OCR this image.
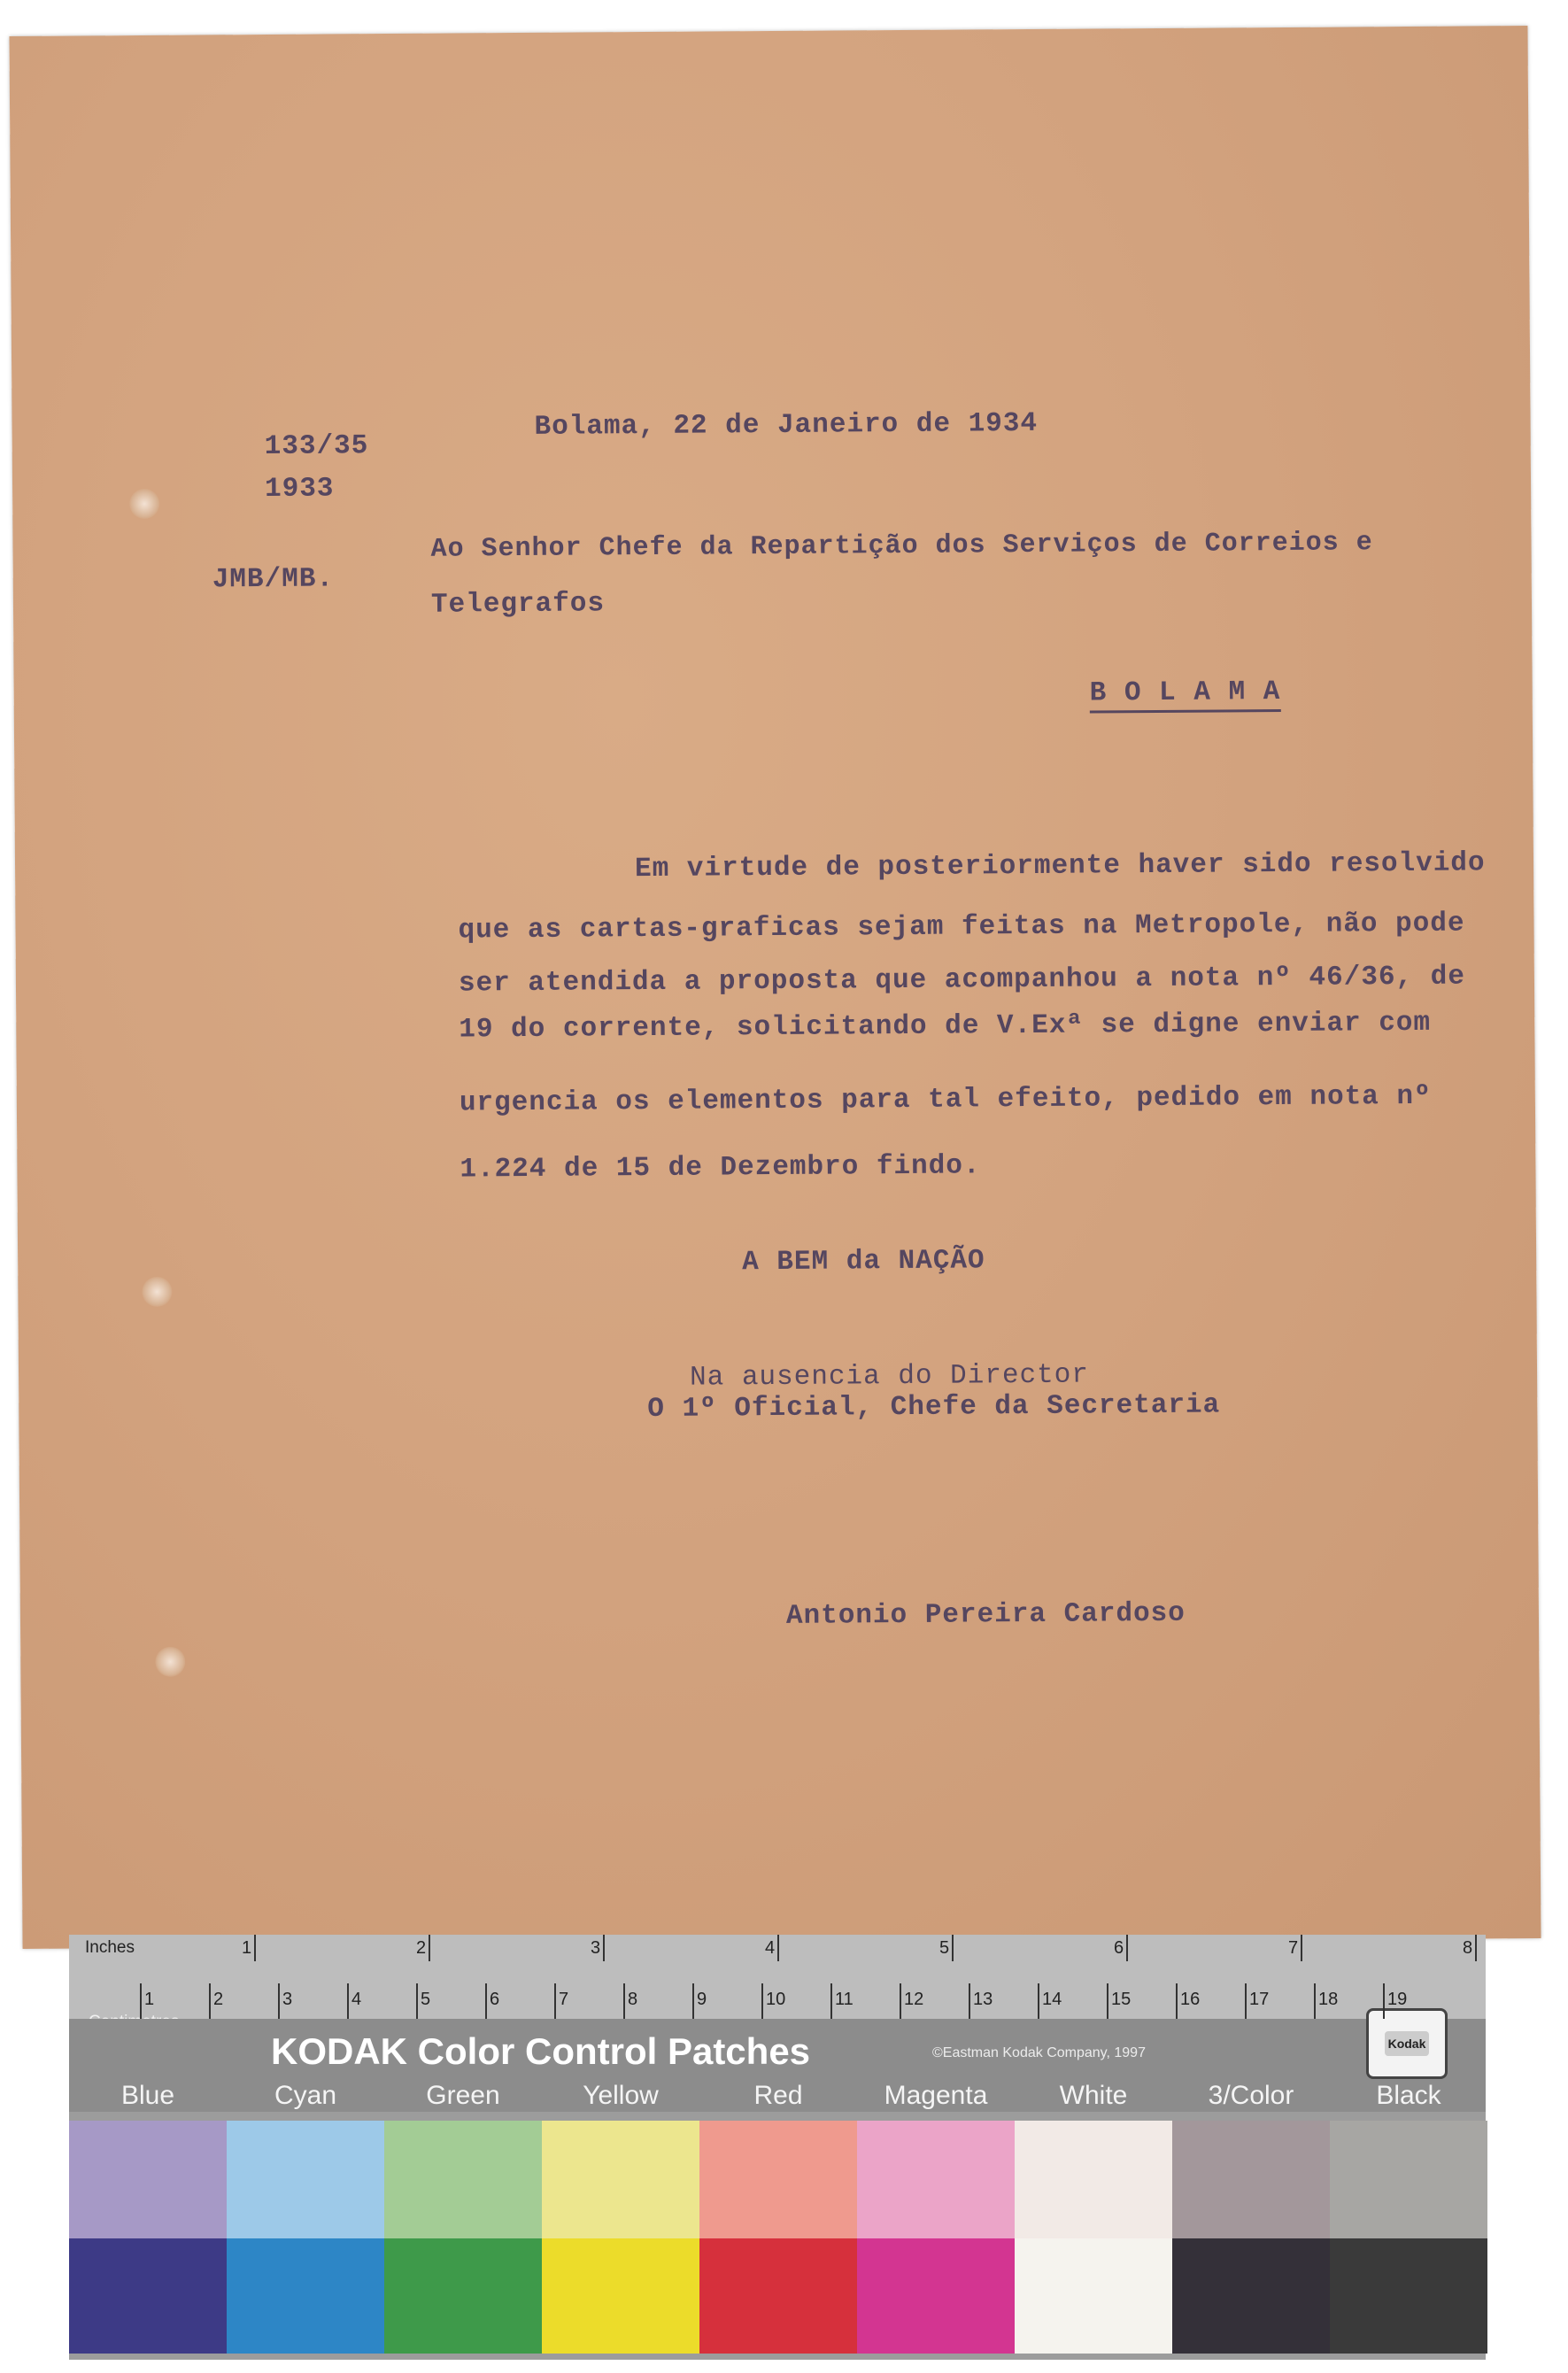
133/35
1933
JMB/MB.
Bolama, 22 de Janeiro de 1934
Ao Senhor Chefe da Repartição dos Serviços de Correios e
Telegrafos
B O L A M A
Em virtude de posteriormente haver sido resolvido
que as cartas-graficas sejam feitas na Metropole, não pode
ser atendida a proposta que acompanhou a nota nº 46/36, de
19 do corrente, solicitando de V.Exª se digne enviar com
urgencia os elementos para tal efeito, pedido em nota nº
1.224 de 15 de Dezembro findo.
A BEM da NAÇÃO
Na ausencia do Director
O 1º Oficial, Chefe da Secretaria
Antonio Pereira Cardoso
Inches
KODAK Color Control Patches	©Eastman Kodak Company, 1997
Kodak
1	2	3	4	5	6	7	8
1	2	3	4	5	6	7	8	9	10	11	12	13	14	15	16	17	18	19
Blue	Cyan	Green	Yellow	Red	Magenta	White	3/Color	Black
